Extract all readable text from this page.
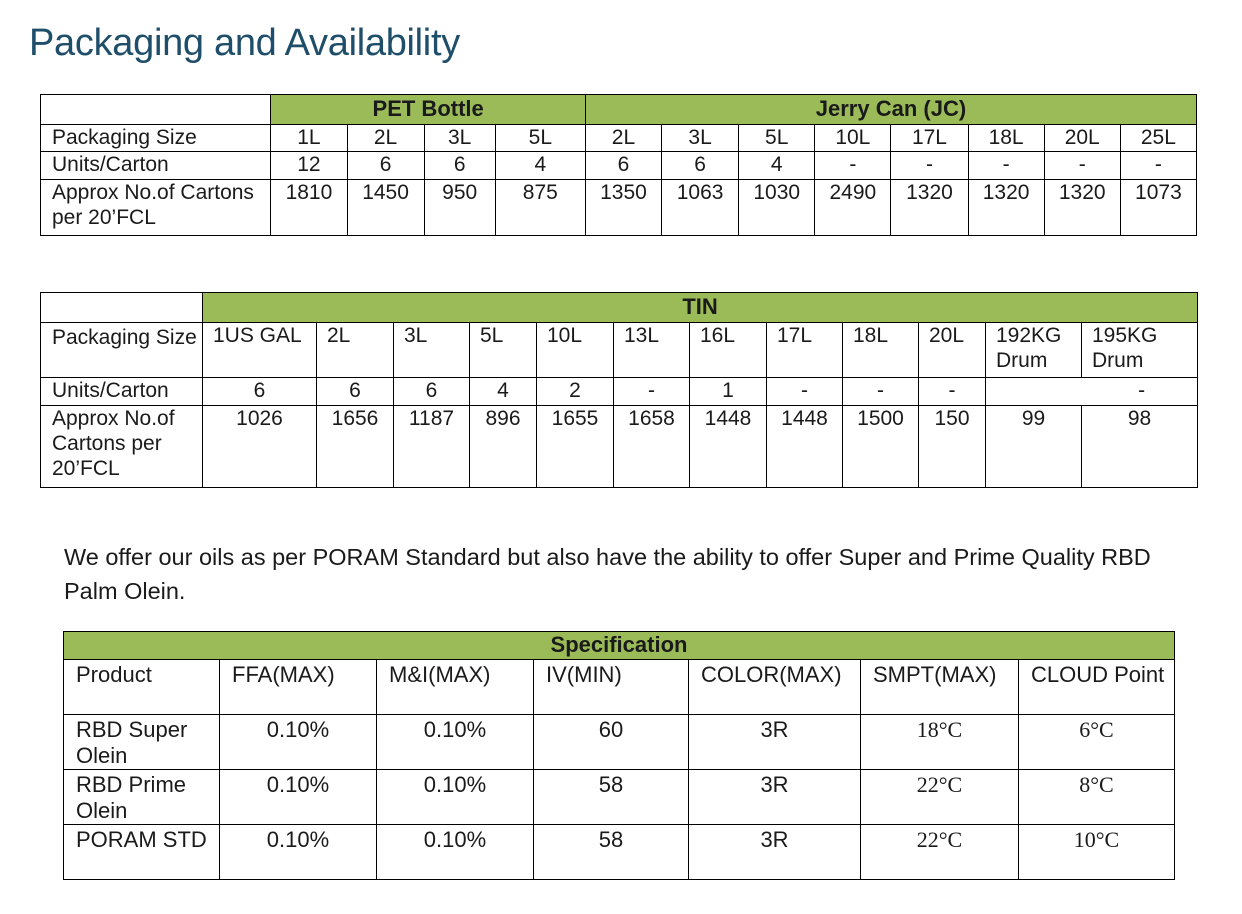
Packaging and Availability
	PET Bottle				Jerry Can (JC)							
Packaging Size	1L	2L	3L	5L	2L	3L	5L	10L	17L	18L	20L	25L
Units/Carton	12	6	6	4	6	6	4	-	-	-	-	-
Approx No.of Cartons per 20’FCL	1810	1450	950	875	1350	1063	1030	2490	1320	1320	1320	1073
	TIN											
Packaging Size	1US GAL	2L	3L	5L	10L	13L	16L	17L	18L	20L	192KG Drum	195KG Drum
Units/Carton	6	6	6	4	2	-	1	-	-	-	-	
Approx No.of Cartons per 20’FCL	1026	1656	1187	896	1655	1658	1448	1448	1500	150	99	98
We offer our oils as per PORAM Standard but also have the ability to offer Super and Prime Quality RBD Palm Olein.
Specification						
Product	FFA(MAX)	M&I(MAX)	IV(MIN)	COLOR(MAX)	SMPT(MAX)	CLOUD Point
RBD Super Olein	0.10%	0.10%	60	3R	18°C	6°C
RBD Prime Olein	0.10%	0.10%	58	3R	22°C	8°C
PORAM STD	0.10%	0.10%	58	3R	22°C	10°C
